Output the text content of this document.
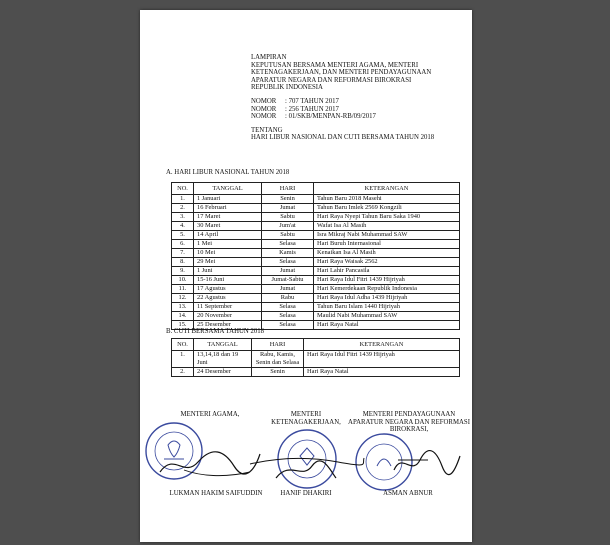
LAMPIRAN
KEPUTUSAN BERSAMA MENTERI AGAMA, MENTERI
KETENAGAKERJAAN, DAN MENTERI PENDAYAGUNAAN
APARATUR NEGARA DAN REFORMASI BIROKRASI
REPUBLIK INDONESIA
NOMOR	: 707 TAHUN 2017
NOMOR	: 256 TAHUN 2017
NOMOR	: 01/SKB/MENPAN-RB/09/2017
TENTANG
HARI LIBUR NASIONAL DAN CUTI BERSAMA TAHUN 2018
A. HARI LIBUR NASIONAL TAHUN 2018
NO.	TANGGAL	HARI	KETERANGAN
1.	1 Januari	Senin	Tahun Baru 2018 Masehi
2.	16 Februari	Jumat	Tahun Baru Imlek 2569 Kongzili
3.	17 Maret	Sabtu	Hari Raya Nyepi Tahun Baru Saka 1940
4.	30 Maret	Jum'at	Wafat Isa Al Masih
5.	14 April	Sabtu	Isra Mikraj Nabi Muhammad SAW
6.	1 Mei	Selasa	Hari Buruh Internasional
7.	10 Mei	Kamis	Kenaikan Isa Al Masih
8.	29 Mei	Selasa	Hari Raya Waisak 2562
9.	1 Juni	Jumat	Hari Lahir Pancasila
10.	15-16 Juni	Jumat-Sabtu	Hari Raya Idul Fitri 1439 Hijriyah
11.	17 Agustus	Jumat	Hari Kemerdekaan Republik Indonesia
12.	22 Agustus	Rabu	Hari Raya Idul Adha 1439 Hijriyah
13.	11 September	Selasa	Tahun Baru Islam 1440 Hijriyah
14.	20 November	Selasa	Maulid Nabi Muhammad SAW
15.	25 Desember	Selasa	Hari Raya Natal
B. CUTI BERSAMA TAHUN 2018
NO.	TANGGAL	HARI	KETERANGAN
1.	13,14,18 dan 19 Juni	Rabu, Kamis, Senin dan Selasa	Hari Raya Idul Fitri 1439 Hijriyah
2.	24 Desember	Senin	Hari Raya Natal
MENTERI AGAMA,	MENTERI KETENAGAKERJAAN,
MENTERI PENDAYAGUNAAN APARATUR NEGARA DAN REFORMASI BIROKRASI,
LUKMAN HAKIM SAIFUDDIN	HANIF DHAKIRI	ASMAN ABNUR
